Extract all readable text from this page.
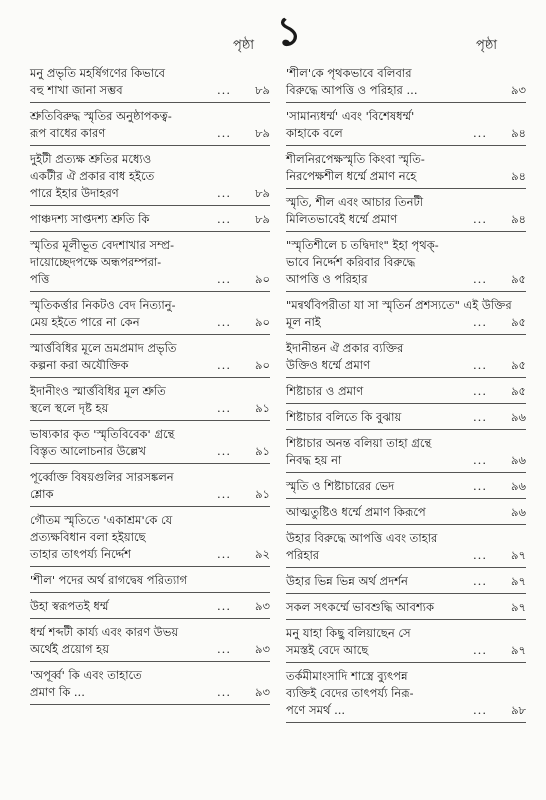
পৃষ্ঠা ১	পৃষ্ঠা
মনু প্রভৃতি মহর্ষিগণের কিভাবে
বহু শাখা জানা সম্ভব	...	৮৯
শ্রুতিবিরুদ্ধ স্মৃতির অনুষ্ঠাপকত্ব-
রূপ বাধের কারণ	...	৮৯
দুইটী প্রত্যক্ষ শ্রুতির মধ্যেও
একটীর ঐ প্রকার বাধ হইতে
পারে ইহার উদাহরণ	...	৮৯
পাঞ্চদশ্য সাপ্তদশ্য শ্রুতি কি	...	৮৯
স্মৃতির মূলীভূত বেদশাখার সম্প্র-
দায়োচ্ছেদপক্ষে অন্ধপরম্পরা-
পত্তি	...	৯০
স্মৃতিকর্ত্তার নিকটও বেদ নিত্যানু-
মেয় হইতে পারে না কেন	...	৯০
স্মার্ত্তবিধির মূলে ভ্রমপ্রমাদ প্রভৃতি
কল্পনা করা অযৌক্তিক	...	৯০
ইদানীংও স্মার্ত্তবিধির মূল শ্রুতি
স্থলে স্থলে দৃষ্ট হয়	...	৯১
ভাষ্যকার কৃত 'স্মৃতিবিবেক' গ্রন্থে
বিস্তৃত আলোচনার উল্লেখ	...	৯১
পূর্ব্বোক্ত বিষয়গুলির সারসঙ্কলন
শ্লোক	...	৯১
গৌতম স্মৃতিতে 'একাশ্রম'কে যে
প্রত্যক্ষবিধান বলা হইয়াছে
তাহার তাৎপর্য্য নির্দ্দেশ	...	৯২
'শীল' পদের অর্থ রাগদ্বেষ পরিত্যাগ
উহা স্বরূপতই ধর্ম্ম	...	৯৩
ধর্ম্ম শব্দটী কার্য্য এবং কারণ উভয়
অর্থেই প্রয়োগ হয়	...	৯৩
'অপূর্ব্ব' কি এবং তাহাতে
প্রমাণ কি ...	...	৯৩
'শীল'কে পৃথকভাবে বলিবার
বিরুদ্ধে আপত্তি ও পরিহার ...	৯৩
'সামান্যধর্ম্ম' এবং 'বিশেষধর্ম্ম'
কাহাকে বলে	...	৯৪
শীলনিরপেক্ষস্মৃতি কিংবা স্মৃতি-
নিরপেক্ষশীল ধর্ম্মে প্রমাণ নহে	৯৪
স্মৃতি, শীল এবং আচার তিনটী
মিলিতভাবেই ধর্ম্মে প্রমাণ	...	৯৪
"স্মৃতিশীলে চ তদ্বিদাং" ইহা পৃথক্-
ভাবে নির্দ্দেশ করিবার বিরুদ্ধে
আপত্তি ও পরিহার	...	৯৫
"মন্বর্থবিপরীতা যা সা স্মৃতির্ন প্রশস্যতে" এই উক্তির
মূল নাই	...	৯৫
ইদানীন্তন ঐ প্রকার ব্যক্তির
উক্তিও ধর্ম্মে প্রমাণ	...	৯৫
শিষ্টাচার ও প্রমাণ	...	৯৫
শিষ্টাচার বলিতে কি বুঝায়	...	৯৬
শিষ্টাচার অনন্ত বলিয়া তাহা গ্রন্থে
নিবদ্ধ হয় না	...	৯৬
স্মৃতি ও শিষ্টাচারের ভেদ	...	৯৬
আত্মতুষ্টিও ধর্ম্মে প্রমাণ কিরূপে	৯৬
উহার বিরুদ্ধে আপত্তি এবং তাহার
পরিহার	...	৯৭
উহার ভিন্ন ভিন্ন অর্থ প্রদর্শন	...	৯৭
সকল সৎকর্ম্মে ভাবশুদ্ধি আবশ্যক	৯৭
মনু যাহা কিছু বলিয়াছেন সে
সমস্তই বেদে আছে	...	৯৭
তর্কমীমাংসাদি শাস্ত্রে ব্যুৎপন্ন
ব্যক্তিই বেদের তাৎপর্য্য নিরূ-
পণে সমর্থ ...	...	৯৮
